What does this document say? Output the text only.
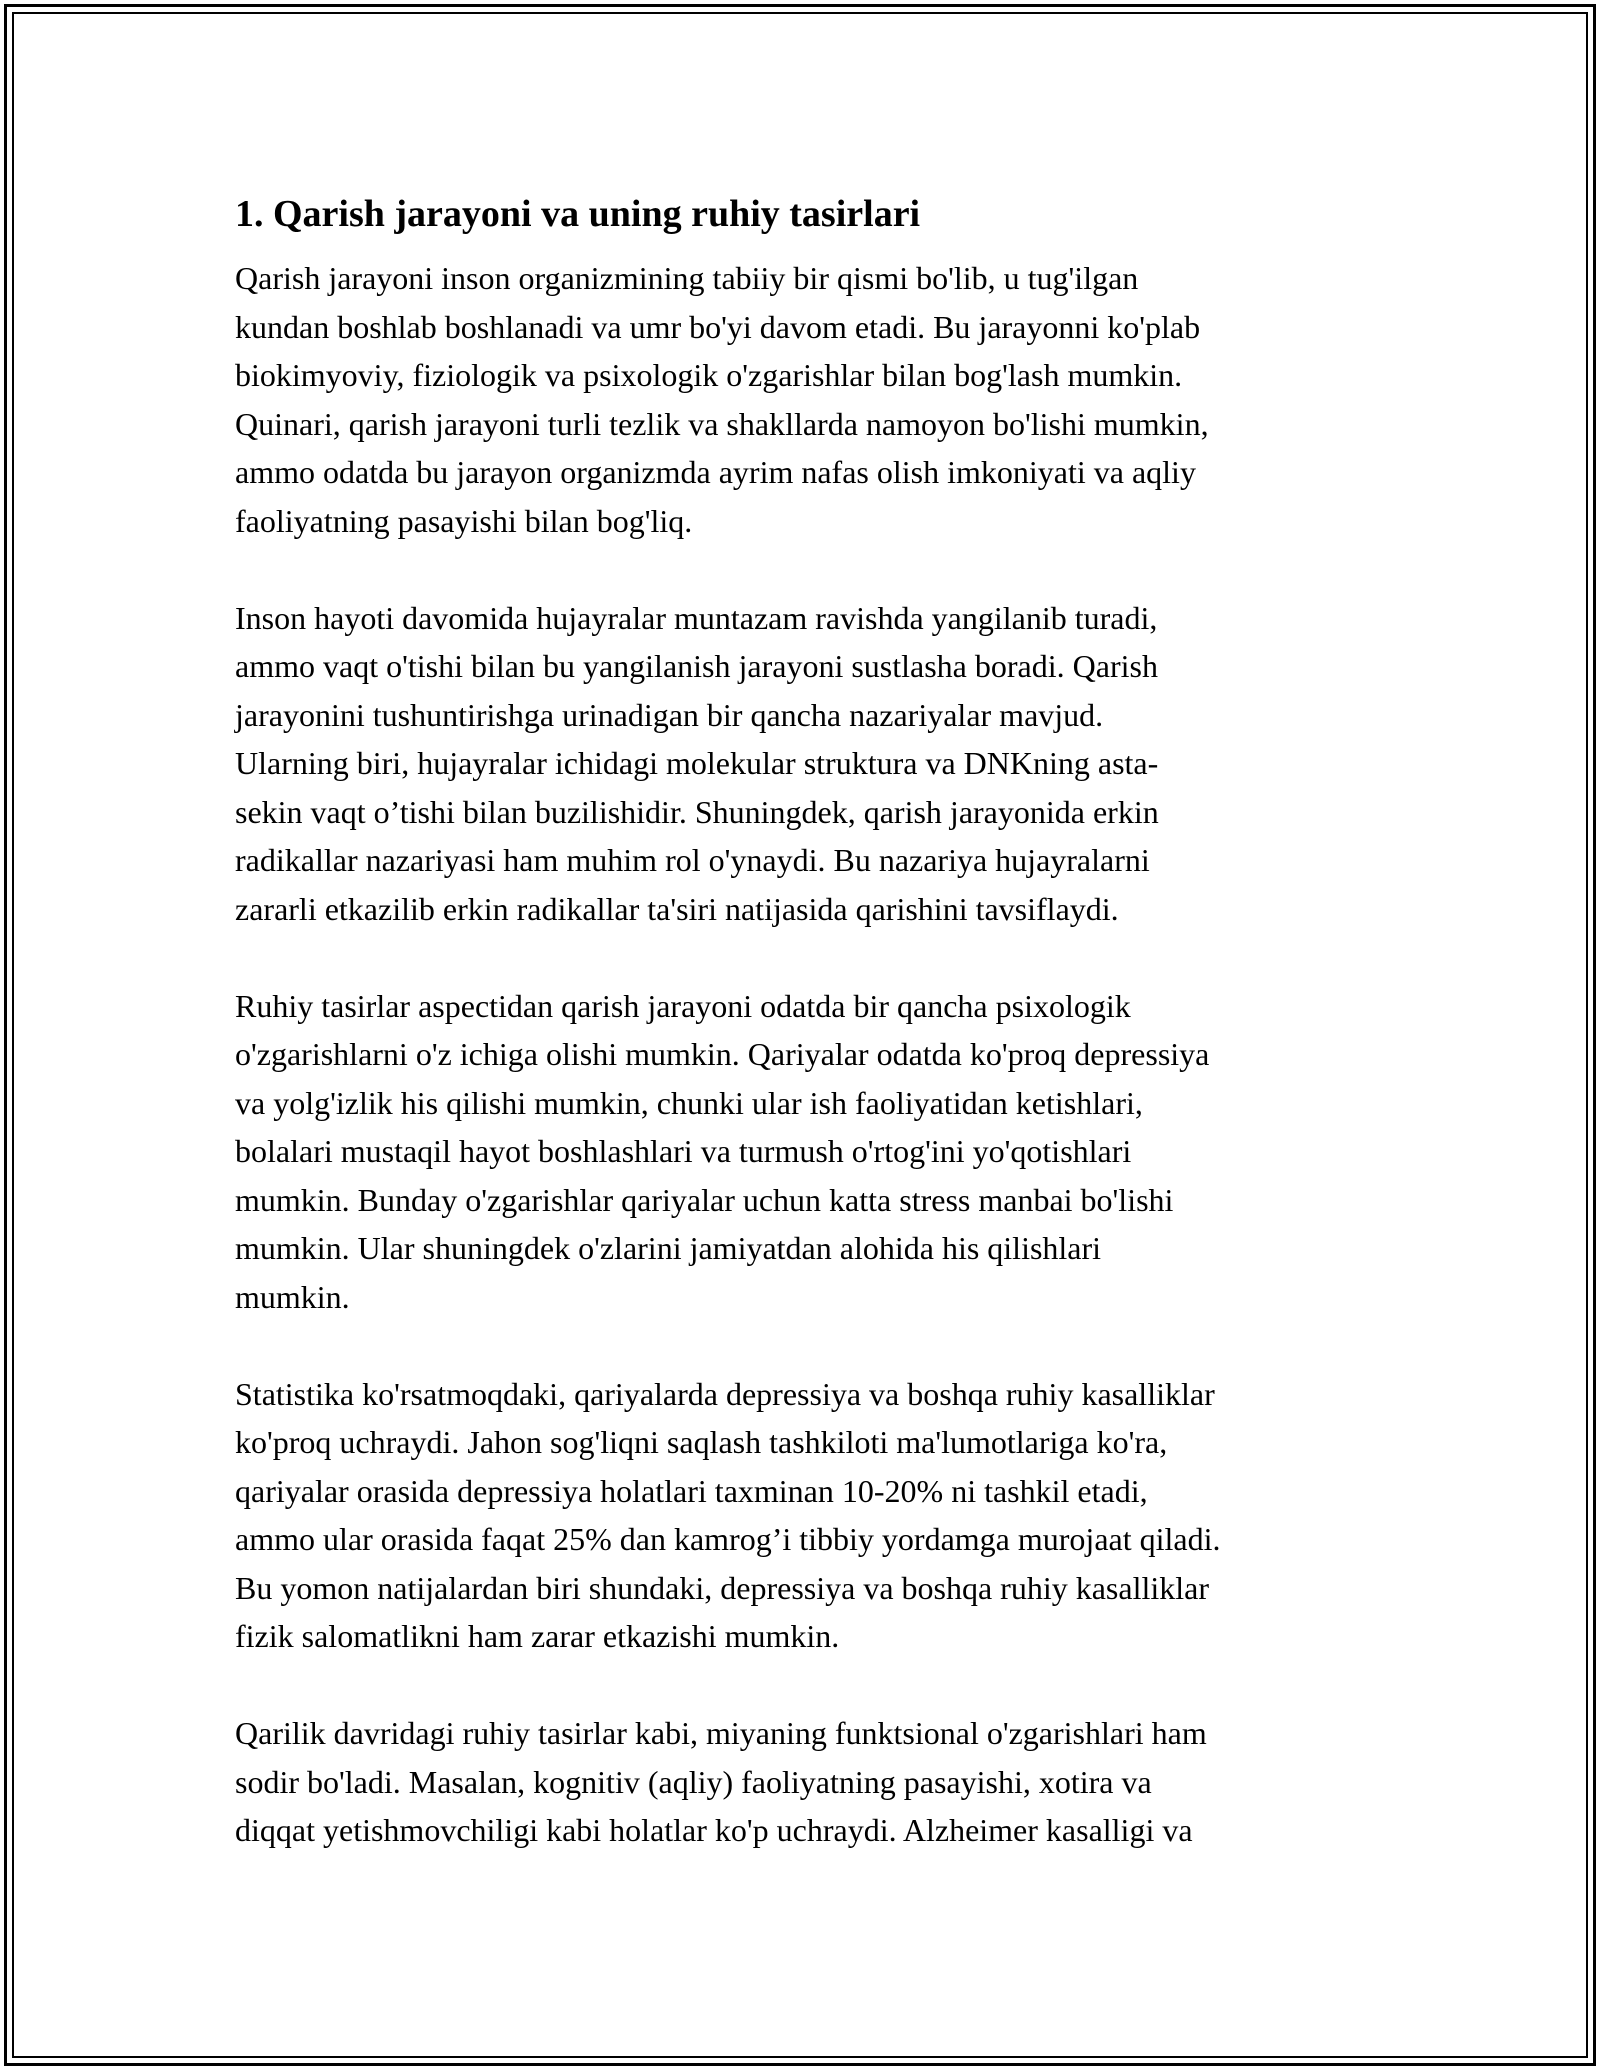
1. Qarish jarayoni va uning ruhiy tasirlari
Qarish jarayoni inson organizmining tabiiy bir qismi bo'lib, u tug'ilgan
kundan boshlab boshlanadi va umr bo'yi davom etadi. Bu jarayonni ko'plab
biokimyoviy, fiziologik va psixologik o'zgarishlar bilan bog'lash mumkin.
Quinari, qarish jarayoni turli tezlik va shakllarda namoyon bo'lishi mumkin,
ammo odatda bu jarayon organizmda ayrim nafas olish imkoniyati va aqliy
faoliyatning pasayishi bilan bog'liq.
Inson hayoti davomida hujayralar muntazam ravishda yangilanib turadi,
ammo vaqt o'tishi bilan bu yangilanish jarayoni sustlasha boradi. Qarish
jarayonini tushuntirishga urinadigan bir qancha nazariyalar mavjud.
Ularning biri, hujayralar ichidagi molekular struktura va DNKning asta-
sekin vaqt o’tishi bilan buzilishidir. Shuningdek, qarish jarayonida erkin
radikallar nazariyasi ham muhim rol o'ynaydi. Bu nazariya hujayralarni
zararli etkazilib erkin radikallar ta'siri natijasida qarishini tavsiflaydi.
Ruhiy tasirlar aspectidan qarish jarayoni odatda bir qancha psixologik
o'zgarishlarni o'z ichiga olishi mumkin. Qariyalar odatda ko'proq depressiya
va yolg'izlik his qilishi mumkin, chunki ular ish faoliyatidan ketishlari,
bolalari mustaqil hayot boshlashlari va turmush o'rtog'ini yo'qotishlari
mumkin. Bunday o'zgarishlar qariyalar uchun katta stress manbai bo'lishi
mumkin. Ular shuningdek o'zlarini jamiyatdan alohida his qilishlari
mumkin.
Statistika ko'rsatmoqdaki, qariyalarda depressiya va boshqa ruhiy kasalliklar
ko'proq uchraydi. Jahon sog'liqni saqlash tashkiloti ma'lumotlariga ko'ra,
qariyalar orasida depressiya holatlari taxminan 10-20% ni tashkil etadi,
ammo ular orasida faqat 25% dan kamrog’i tibbiy yordamga murojaat qiladi.
Bu yomon natijalardan biri shundaki, depressiya va boshqa ruhiy kasalliklar
fizik salomatlikni ham zarar etkazishi mumkin.
Qarilik davridagi ruhiy tasirlar kabi, miyaning funktsional o'zgarishlari ham
sodir bo'ladi. Masalan, kognitiv (aqliy) faoliyatning pasayishi, xotira va
diqqat yetishmovchiligi kabi holatlar ko'p uchraydi. Alzheimer kasalligi va
